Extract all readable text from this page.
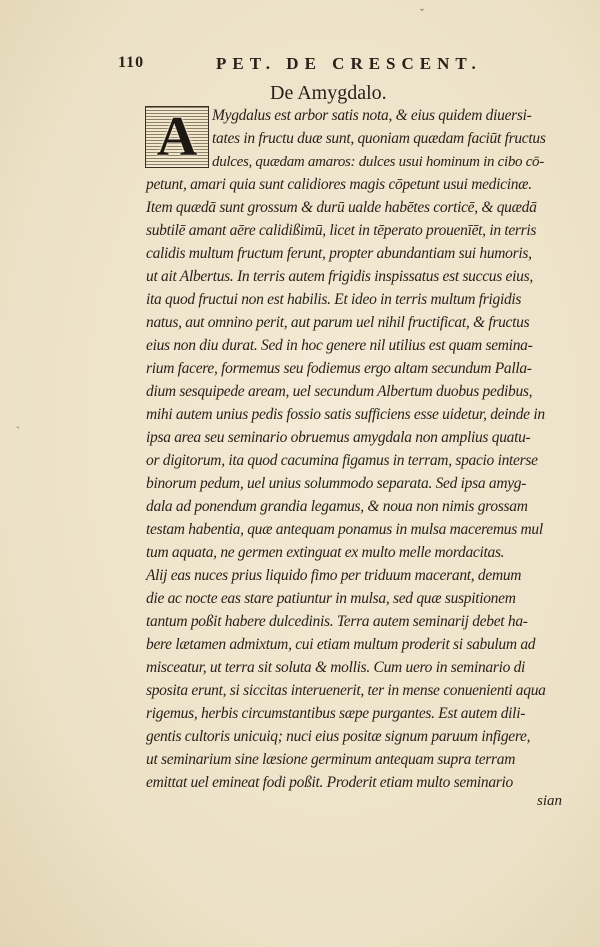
110	PET. DE CRESCENT.
De Amygdalo.
A Mygdalus est arbor satis nota, & eius quidem diuersi-
tates in fructu duæ sunt, quoniam quædam faciūt fructus
dulces, quædam amaros: dulces usui hominum in cibo cō-
petunt, amari quia sunt calidiores magis cōpetunt usui medicinæ.
Item quædā sunt grossum & durū ualde habētes corticē, & quædā
subtilē amant aēre calidißimū, licet in tēperato prouenīēt, in terris
calidis multum fructum ferunt, propter abundantiam sui humoris,
ut ait Albertus. In terris autem frigidis inspissatus est succus eius,
ita quod fructui non est habilis. Et ideo in terris multum frigidis
natus, aut omnino perit, aut parum uel nihil fructificat, & fructus
eius non diu durat. Sed in hoc genere nil utilius est quam semina-
rium facere, formemus seu fodiemus ergo altam secundum Palla-
dium sesquipede aream, uel secundum Albertum duobus pedibus,
mihi autem unius pedis fossio satis sufficiens esse uidetur, deinde in
ipsa area seu seminario obruemus amygdala non amplius quatu-
or digitorum, ita quod cacumina figamus in terram, spacio interse
binorum pedum, uel unius solummodo separata. Sed ipsa amyg-
dala ad ponendum grandia legamus, & noua non nimis grossam
testam habentia, quæ antequam ponamus in mulsa maceremus mul
tum aquata, ne germen extinguat ex multo melle mordacitas.
Alij eas nuces prius liquido fimo per triduum macerant, demum
die ac nocte eas stare patiuntur in mulsa, sed quæ suspitionem
tantum poßit habere dulcedinis. Terra autem seminarij debet ha-
bere lætamen admixtum, cui etiam multum proderit si sabulum ad
misceatur, ut terra sit soluta & mollis. Cum uero in seminario di
sposita erunt, si siccitas interuenerit, ter in mense conuenienti aqua
rigemus, herbis circumstantibus sæpe purgantes. Est autem dili-
gentis cultoris unicuiq; nuci eius positæ signum paruum infigere,
ut seminarium sine læsione germinum antequam supra terram
emittat uel emineat fodi poßit. Proderit etiam multo seminario
sian
ˇ
ˋ
